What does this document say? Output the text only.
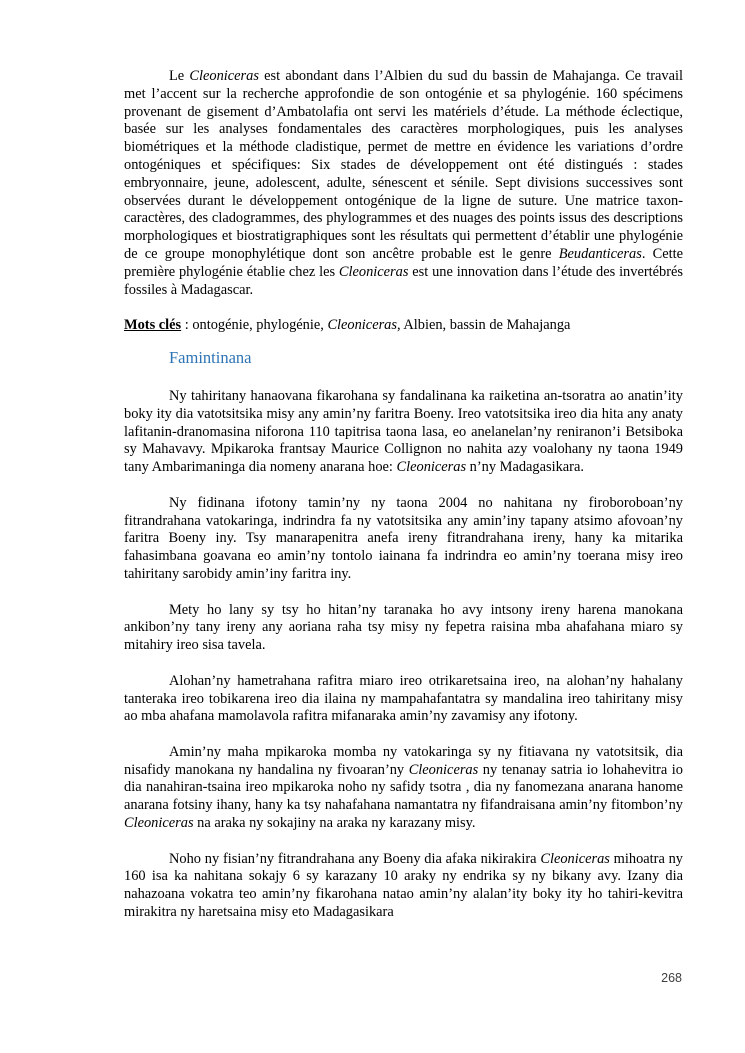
Le Cleoniceras est abondant dans l’Albien du sud du bassin de Mahajanga. Ce travail met l’accent sur la recherche approfondie de son ontogénie et sa phylogénie. 160 spécimens provenant de gisement d’Ambatolafia ont servi les matériels d’étude. La méthode éclectique, basée sur les analyses fondamentales des caractères morphologiques, puis les analyses biométriques et la méthode cladistique, permet de mettre en évidence les variations d’ordre ontogéniques et spécifiques: Six stades de développement ont été distingués : stades embryonnaire, jeune, adolescent, adulte, sénescent et sénile. Sept divisions successives sont observées durant le développement ontogénique de la ligne de suture. Une matrice taxon-caractères, des cladogrammes, des phylogrammes et des nuages des points issus des descriptions morphologiques et biostratigraphiques sont les résultats qui permettent d’établir une phylogénie de ce groupe monophylétique dont son ancêtre probable est le genre Beudanticeras. Cette première phylogénie établie chez les Cleoniceras est une innovation dans l’étude des invertébrés fossiles à Madagascar.

Mots clés : ontogénie, phylogénie, Cleoniceras, Albien, bassin de Mahajanga

Famintinana

Ny tahiritany hanaovana fikarohana sy fandalinana ka raiketina an-tsoratra ao anatin’ity boky ity dia vatotsitsika misy any amin’ny faritra Boeny. Ireo vatotsitsika ireo dia hita any anaty lafitanin-dranomasina niforona 110 tapitrisa taona lasa, eo anelanelan’ny reniranon’i Betsiboka sy Mahavavy. Mpikaroka frantsay Maurice Collignon no nahita azy voalohany ny taona 1949 tany Ambarimaninga dia nomeny anarana hoe: Cleoniceras n’ny Madagasikara.

Ny fidinana ifotony tamin’ny ny taona 2004 no nahitana ny firoboroboan’ny fitrandrahana vatokaringa, indrindra fa ny vatotsitsika any amin’iny tapany atsimo afovoan’ny faritra Boeny iny. Tsy manarapenitra anefa ireny fitrandrahana ireny, hany ka mitarika fahasimbana goavana eo amin’ny tontolo iainana fa indrindra eo amin’ny toerana misy ireo tahiritany sarobidy amin’iny faritra iny.

Mety ho lany sy tsy ho hitan’ny taranaka ho avy intsony ireny harena manokana ankibon’ny tany ireny any aoriana raha tsy misy ny fepetra raisina mba ahafahana miaro sy mitahiry ireo sisa tavela.

Alohan’ny hametrahana rafitra miaro ireo otrikaretsaina ireo, na alohan’ny hahalany tanteraka ireo tobikarena ireo dia ilaina ny mampahafantatra sy mandalina ireo tahiritany misy ao mba ahafana mamolavola rafitra mifanaraka amin’ny zavamisy any ifotony.

Amin’ny maha mpikaroka momba ny vatokaringa sy ny fitiavana ny vatotsitsik, dia nisafidy manokana ny handalina ny fivoaran’ny Cleoniceras ny tenanay satria io lohahevitra io dia nanahiran-tsaina ireo mpikaroka noho ny safidy tsotra , dia ny fanomezana anarana hanome anarana fotsiny ihany, hany ka tsy nahafahana namantatra ny fifandraisana amin’ny fitombon’ny Cleoniceras na araka ny sokajiny na araka ny karazany misy.

Noho ny fisian’ny fitrandrahana any Boeny dia afaka nikirakira Cleoniceras mihoatra ny 160 isa ka nahitana sokajy 6 sy karazany 10 araky ny endrika sy ny bikany avy. Izany dia nahazoana vokatra teo amin’ny fikarohana natao amin’ny alalan’ity boky ity ho tahiri-kevitra mirakitra ny haretsaina misy eto Madagasikara

268
